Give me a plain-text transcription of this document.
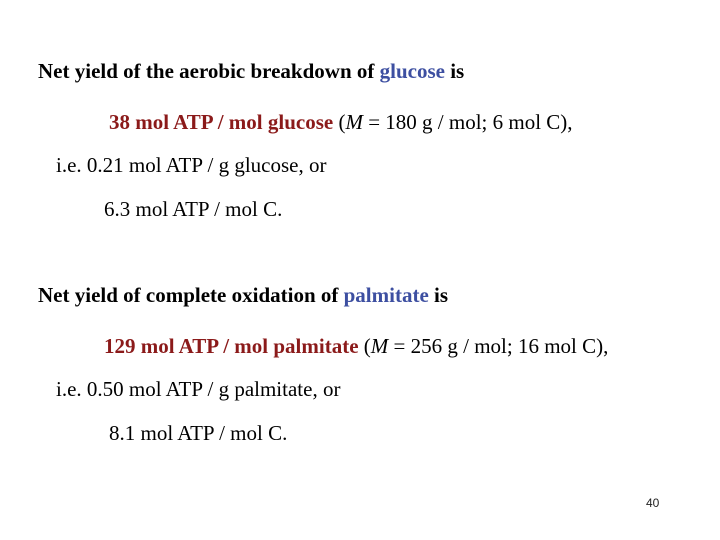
Net yield of the aerobic breakdown of glucose is
38 mol ATP / mol glucose (M = 180 g / mol; 6 mol C),
i.e. 0.21 mol ATP / g glucose, or
6.3 mol ATP / mol C.
Net yield of complete oxidation of palmitate is
129 mol ATP / mol palmitate (M = 256 g / mol; 16 mol C),
i.e. 0.50 mol ATP / g palmitate, or
8.1 mol ATP / mol C.
40
